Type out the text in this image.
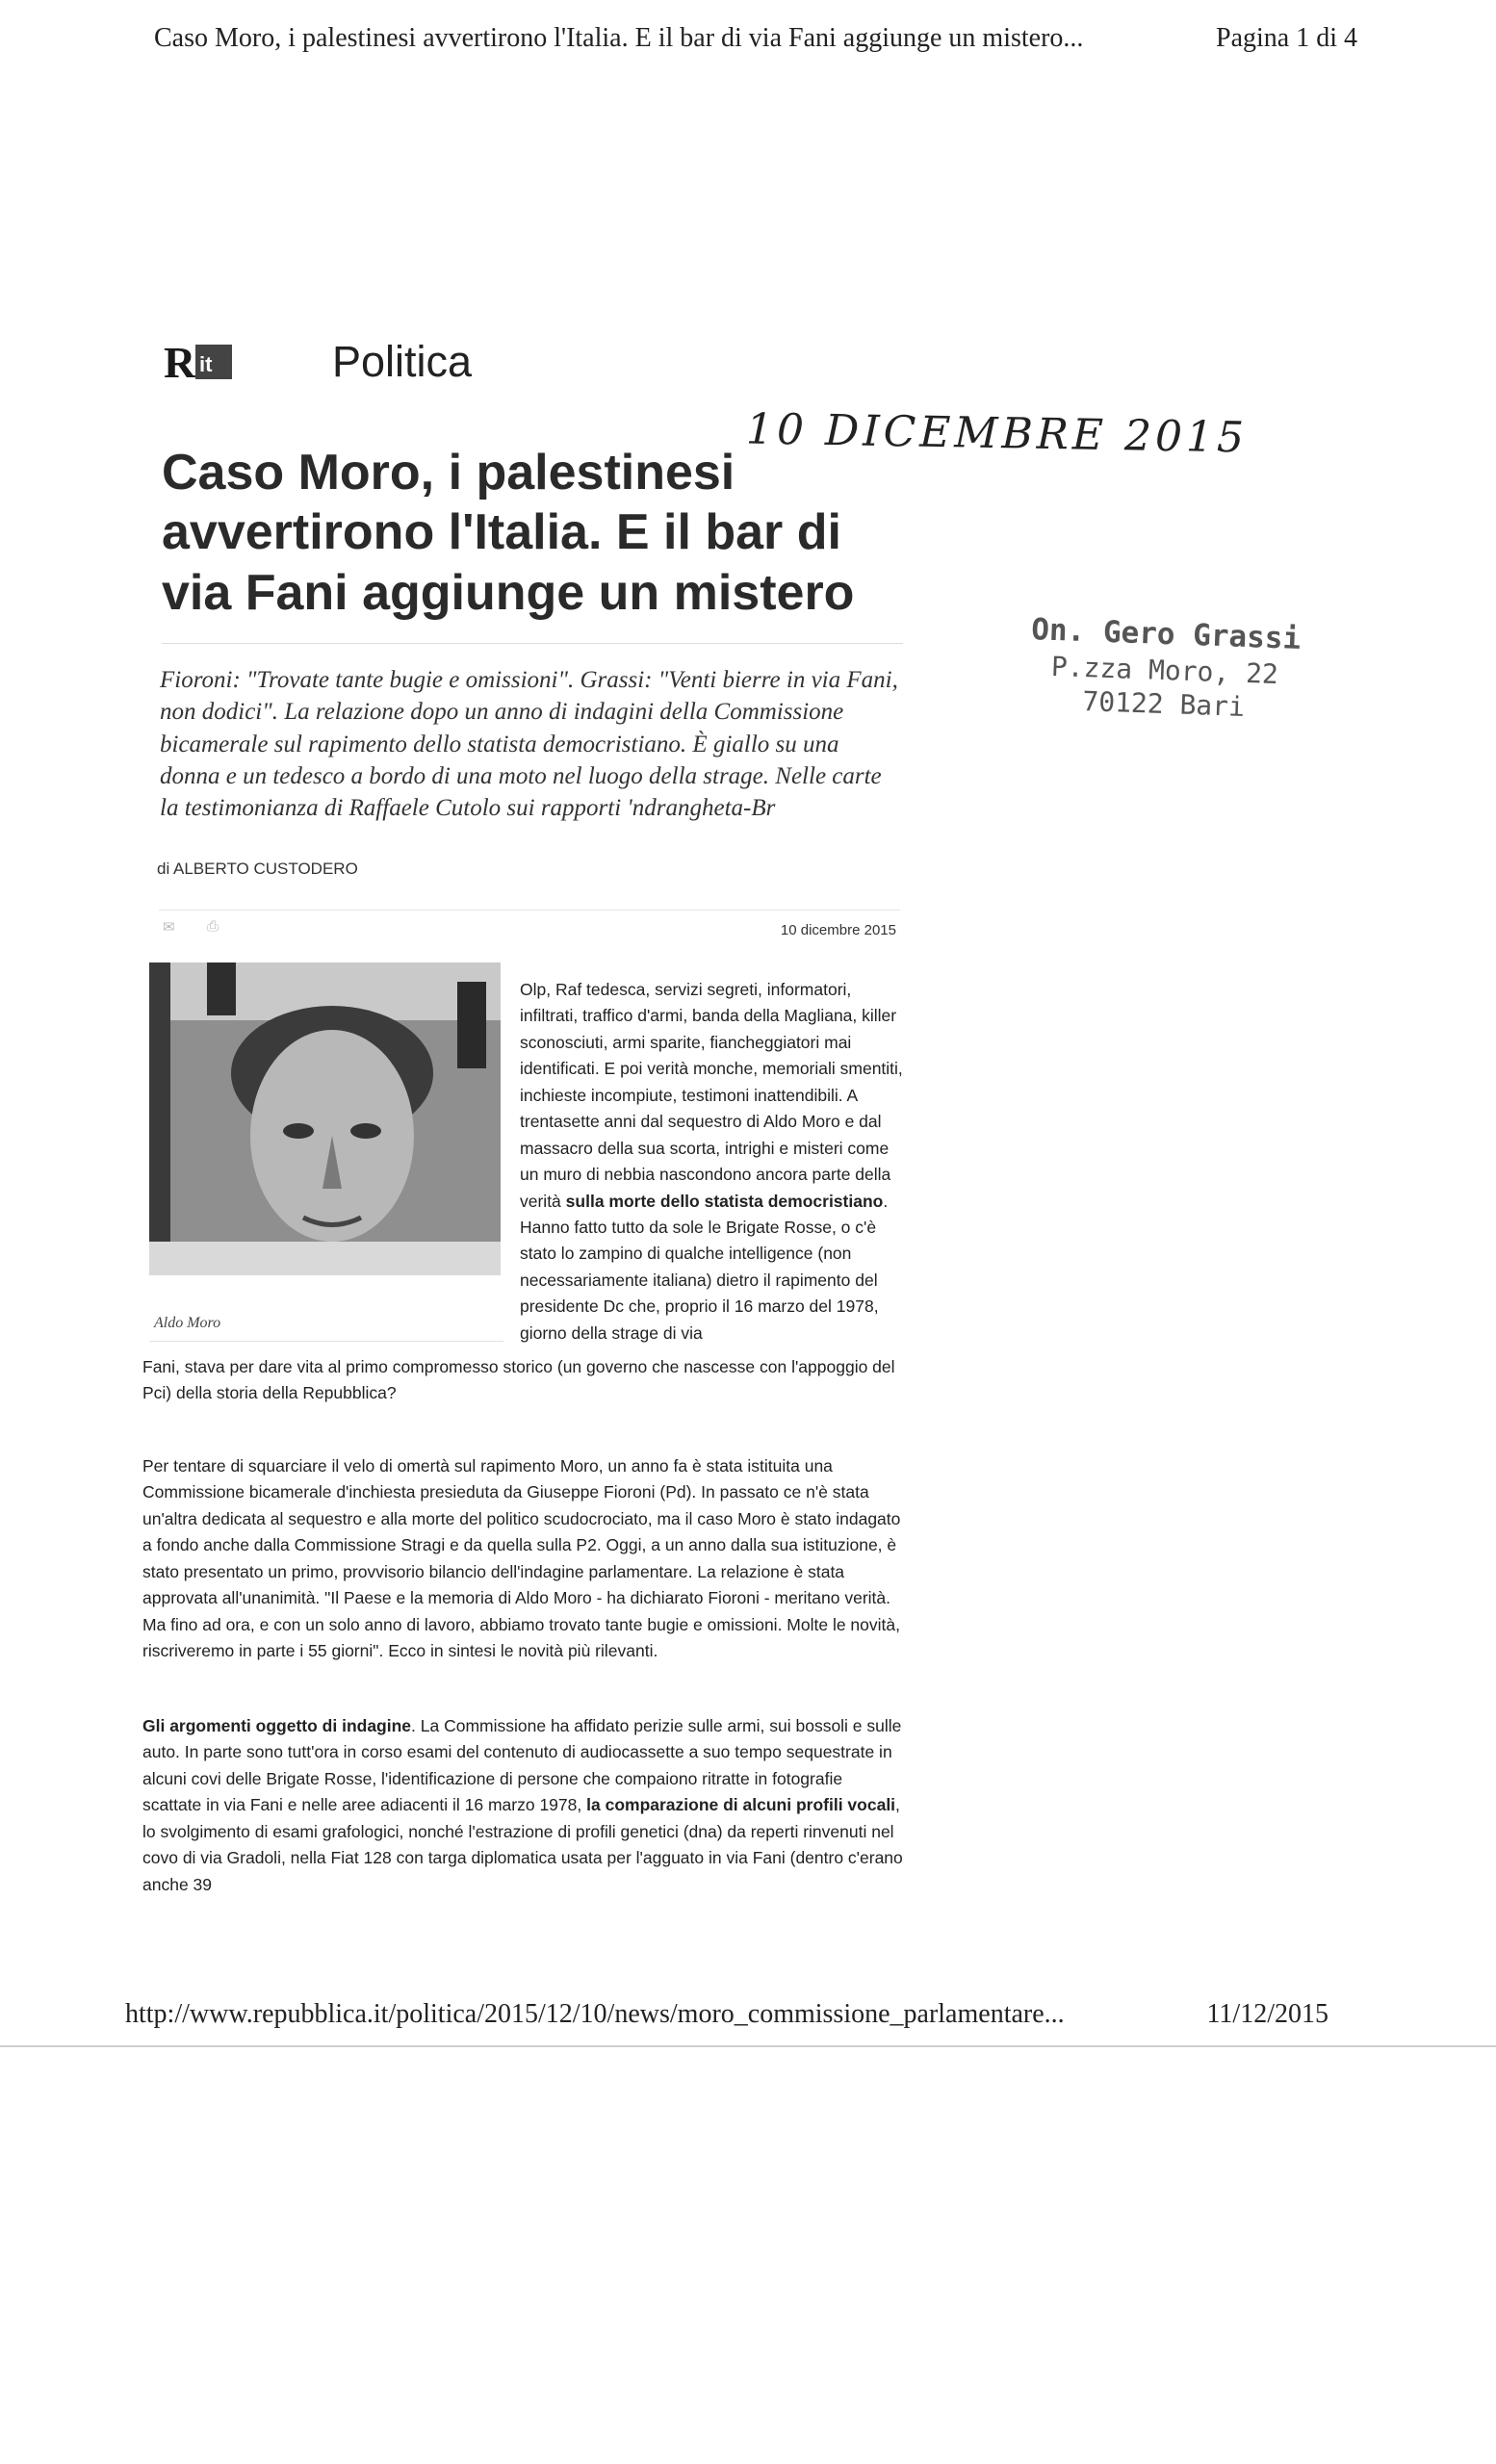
Caso Moro, i palestinesi avvertirono l'Italia. E il bar di via Fani aggiunge un mistero...	Pagina 1 di 4
R it	Politica
10 DICEMBRE 2015
Caso Moro, i palestinesi avvertirono l'Italia. E il bar di via Fani aggiunge un mistero
On. Gero Grassi
P.zza Moro, 22
70122 Bari
Fioroni: "Trovate tante bugie e omissioni". Grassi: "Venti bierre in via Fani, non dodici". La relazione dopo un anno di indagini della Commissione bicamerale sul rapimento dello statista democristiano. È giallo su una donna e un tedesco a bordo di una moto nel luogo della strage. Nelle carte la testimonianza di Raffaele Cutolo sui rapporti 'ndrangheta-Br
di ALBERTO CUSTODERO
✉ ⎙	10 dicembre 2015
Aldo Moro
Olp, Raf tedesca, servizi segreti, informatori, infiltrati, traffico d'armi, banda della Magliana, killer sconosciuti, armi sparite, fiancheggiatori mai identificati. E poi verità monche, memoriali smentiti, inchieste incompiute, testimoni inattendibili. A trentasette anni dal sequestro di Aldo Moro e dal massacro della sua scorta, intrighi e misteri come un muro di nebbia nascondono ancora parte della verità sulla morte dello statista democristiano. Hanno fatto tutto da sole le Brigate Rosse, o c'è stato lo zampino di qualche intelligence (non necessariamente italiana) dietro il rapimento del presidente Dc che, proprio il 16 marzo del 1978, giorno della strage di via
Fani, stava per dare vita al primo compromesso storico (un governo che nascesse con l'appoggio del Pci) della storia della Repubblica?
Per tentare di squarciare il velo di omertà sul rapimento Moro, un anno fa è stata istituita una Commissione bicamerale d'inchiesta presieduta da Giuseppe Fioroni (Pd). In passato ce n'è stata un'altra dedicata al sequestro e alla morte del politico scudocrociato, ma il caso Moro è stato indagato a fondo anche dalla Commissione Stragi e da quella sulla P2. Oggi, a un anno dalla sua istituzione, è stato presentato un primo, provvisorio bilancio dell'indagine parlamentare. La relazione è stata approvata all'unanimità. "Il Paese e la memoria di Aldo Moro - ha dichiarato Fioroni - meritano verità. Ma fino ad ora, e con un solo anno di lavoro, abbiamo trovato tante bugie e omissioni. Molte le novità, riscriveremo in parte i 55 giorni". Ecco in sintesi le novità più rilevanti.
Gli argomenti oggetto di indagine. La Commissione ha affidato perizie sulle armi, sui bossoli e sulle auto. In parte sono tutt'ora in corso esami del contenuto di audiocassette a suo tempo sequestrate in alcuni covi delle Brigate Rosse, l'identificazione di persone che compaiono ritratte in fotografie scattate in via Fani e nelle aree adiacenti il 16 marzo 1978, la comparazione di alcuni profili vocali, lo svolgimento di esami grafologici, nonché l'estrazione di profili genetici (dna) da reperti rinvenuti nel covo di via Gradoli, nella Fiat 128 con targa diplomatica usata per l'agguato in via Fani (dentro c'erano anche 39
http://www.repubblica.it/politica/2015/12/10/news/moro_commissione_parlamentare...	11/12/2015
